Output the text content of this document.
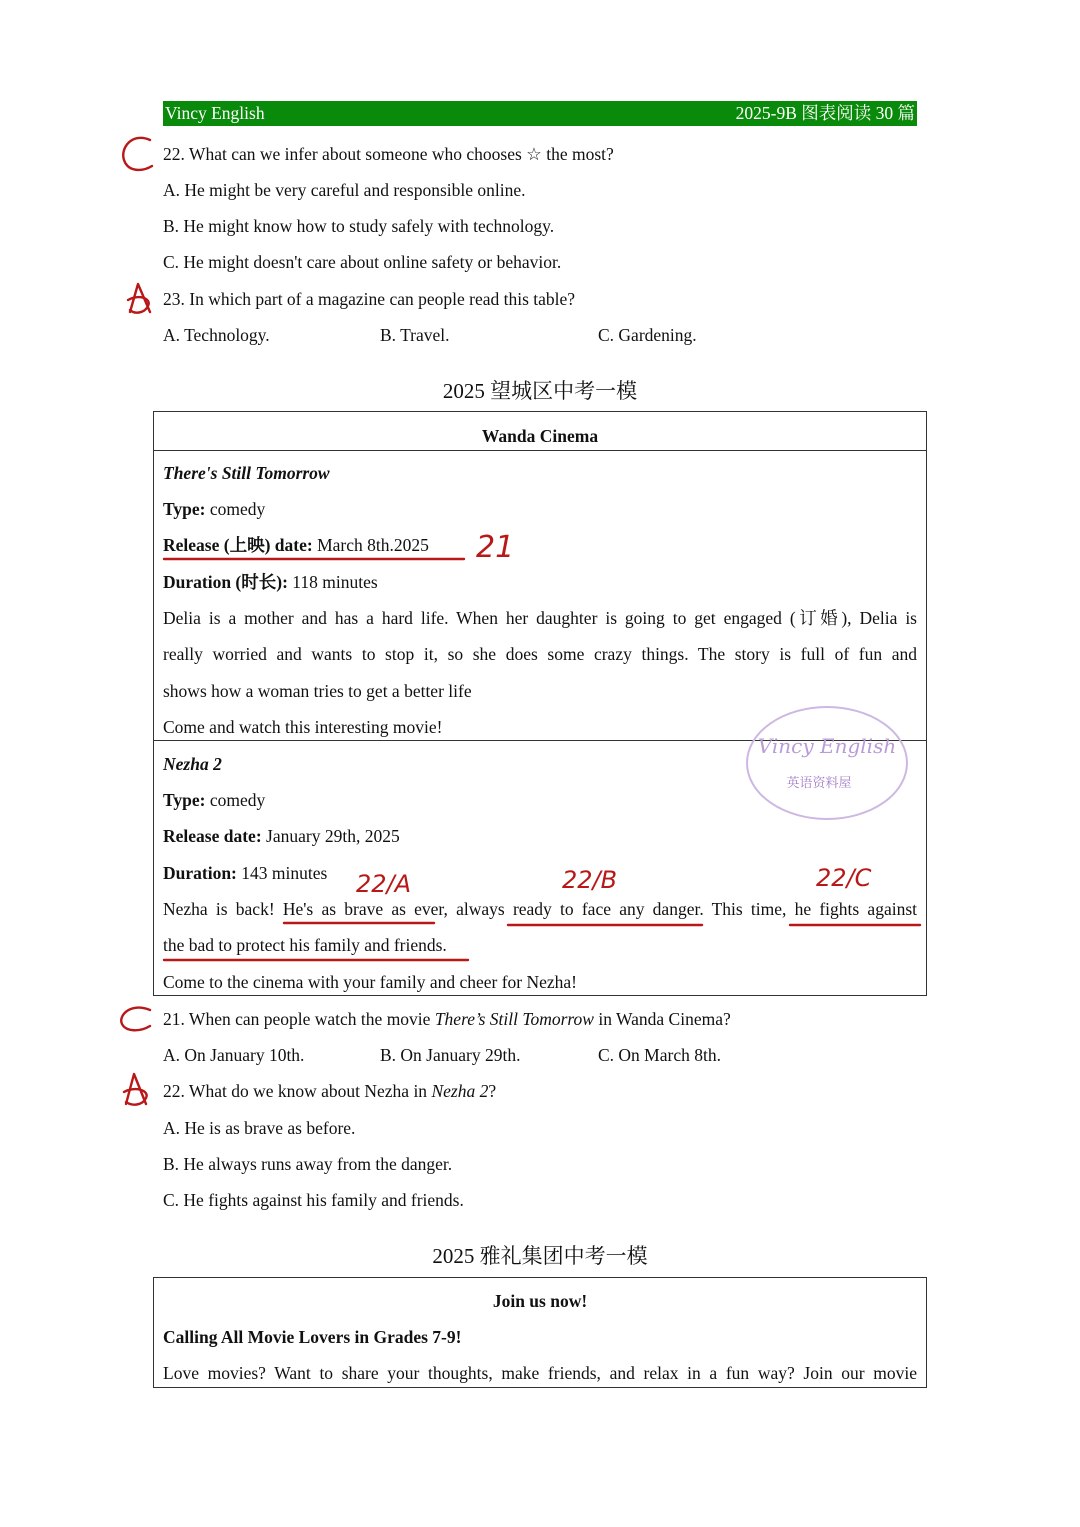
Vincy English	2025-9B 图表阅读 30 篇
22. What can we infer about someone who chooses ☆ the most?
A. He might be very careful and responsible online.
B. He might know how to study safely with technology.
C. He might doesn't care about online safety or behavior.
23. In which part of a magazine can people read this table?
A. Technology.	B. Travel.	C. Gardening.
2025 望城区中考一模
Wanda Cinema
There's Still Tomorrow
Type: comedy
Release (上映) date: March 8th.2025
Duration (时长): 118 minutes
Delia is a mother and has a hard life. When her daughter is going to get engaged (订婚), Delia is
really worried and wants to stop it, so she does some crazy things. The story is full of fun and
shows how a woman tries to get a better life
Come and watch this interesting movie!
Nezha 2
Type: comedy
Release date: January 29th, 2025
Duration: 143 minutes
Nezha is back! He's as brave as ever, always ready to face any danger. This time, he fights against
the bad to protect his family and friends.
Come to the cinema with your family and cheer for Nezha!
Vincy English
英语资料屋
21. When can people watch the movie There’s Still Tomorrow in Wanda Cinema?
A. On January 10th.	B. On January 29th.	C. On March 8th.
22. What do we know about Nezha in Nezha 2?
A. He is as brave as before.
B. He always runs away from the danger.
C. He fights against his family and friends.
2025 雅礼集团中考一模
Join us now!
Calling All Movie Lovers in Grades 7-9!
Love movies? Want to share your thoughts, make friends, and relax in a fun way? Join our movie
21
22/A	22/B	22/C
